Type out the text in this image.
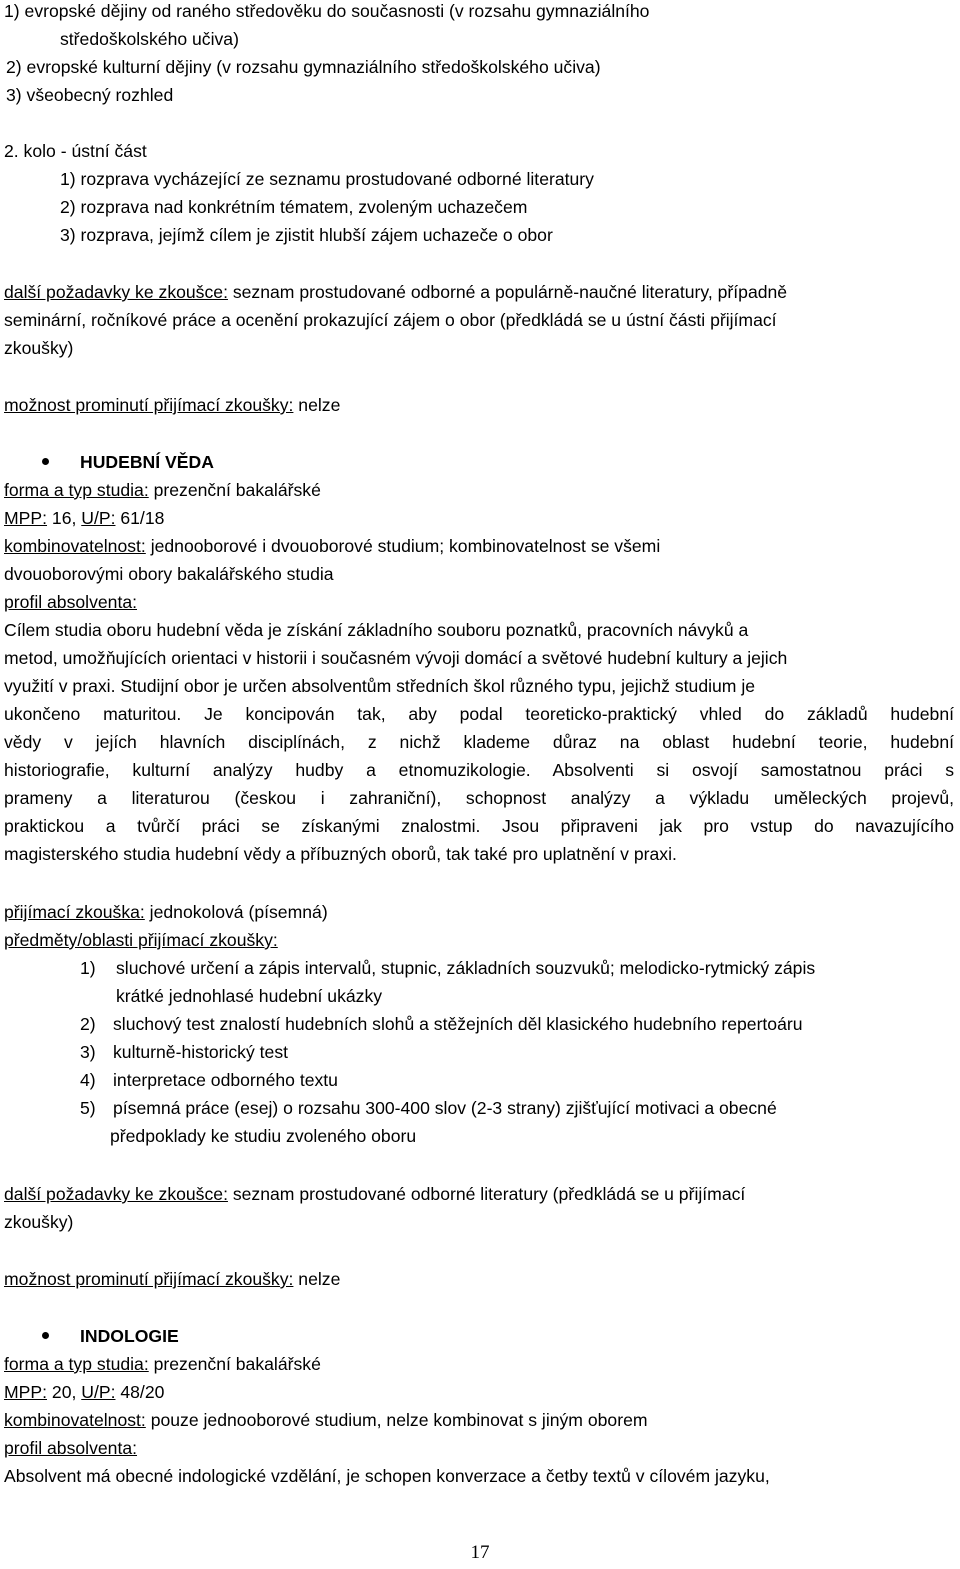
1) evropské dějiny od raného středověku do současnosti (v rozsahu gymnaziálního
středoškolského učiva)
2) evropské kulturní dějiny (v rozsahu gymnaziálního středoškolského učiva)
3) všeobecný rozhled
2. kolo - ústní část
1) rozprava vycházející ze seznamu prostudované odborné literatury
2) rozprava nad konkrétním tématem, zvoleným uchazečem
3) rozprava, jejímž cílem je zjistit hlubší zájem uchazeče o obor
další požadavky ke zkoušce: seznam prostudované odborné a populárně-naučné literatury, případně
seminární, ročníkové práce a ocenění prokazující zájem o obor (předkládá se u ústní části přijímací
zkoušky)
možnost prominutí přijímací zkoušky: nelze
HUDEBNÍ VĚDA
forma a typ studia: prezenční bakalářské
MPP: 16, U/P: 61/18
kombinovatelnost: jednooborové i dvouoborové studium; kombinovatelnost se všemi
dvouoborovými obory bakalářského studia
profil absolventa:
Cílem studia oboru hudební věda je získání základního souboru poznatků, pracovních návyků a
metod, umožňujících orientaci v historii i současném vývoji domácí a světové hudební kultury a jejich
využití v praxi. Studijní obor je určen absolventům středních škol různého typu, jejichž studium je
ukončeno maturitou. Je koncipován tak, aby podal teoreticko-praktický vhled do základů hudební
vědy v jejích hlavních disciplínách, z nichž klademe důraz na oblast hudební teorie, hudební
historiografie, kulturní analýzy hudby a etnomuzikologie. Absolventi si osvojí samostatnou práci s
prameny a literaturou (českou i zahraniční), schopnost analýzy a výkladu uměleckých projevů,
praktickou a tvůrčí práci se získanými znalostmi. Jsou připraveni jak pro vstup do navazujícího
magisterského studia hudební vědy a příbuzných oborů, tak také pro uplatnění v praxi.
přijímací zkouška: jednokolová (písemná)
předměty/oblasti přijímací zkoušky:
1) sluchové určení a zápis intervalů, stupnic, základních souzvuků; melodicko-rytmický zápis
krátké jednohlasé hudební ukázky
2) sluchový test znalostí hudebních slohů a stěžejních děl klasického hudebního repertoáru
3) kulturně-historický test
4) interpretace odborného textu
5) písemná práce (esej) o rozsahu 300-400 slov (2-3 strany) zjišťující motivaci a obecné
předpoklady ke studiu zvoleného oboru
další požadavky ke zkoušce: seznam prostudované odborné literatury (předkládá se u přijímací
zkoušky)
možnost prominutí přijímací zkoušky: nelze
INDOLOGIE
forma a typ studia: prezenční bakalářské
MPP: 20, U/P: 48/20
kombinovatelnost: pouze jednooborové studium, nelze kombinovat s jiným oborem
profil absolventa:
Absolvent má obecné indologické vzdělání, je schopen konverzace a četby textů v cílovém jazyku,
17
